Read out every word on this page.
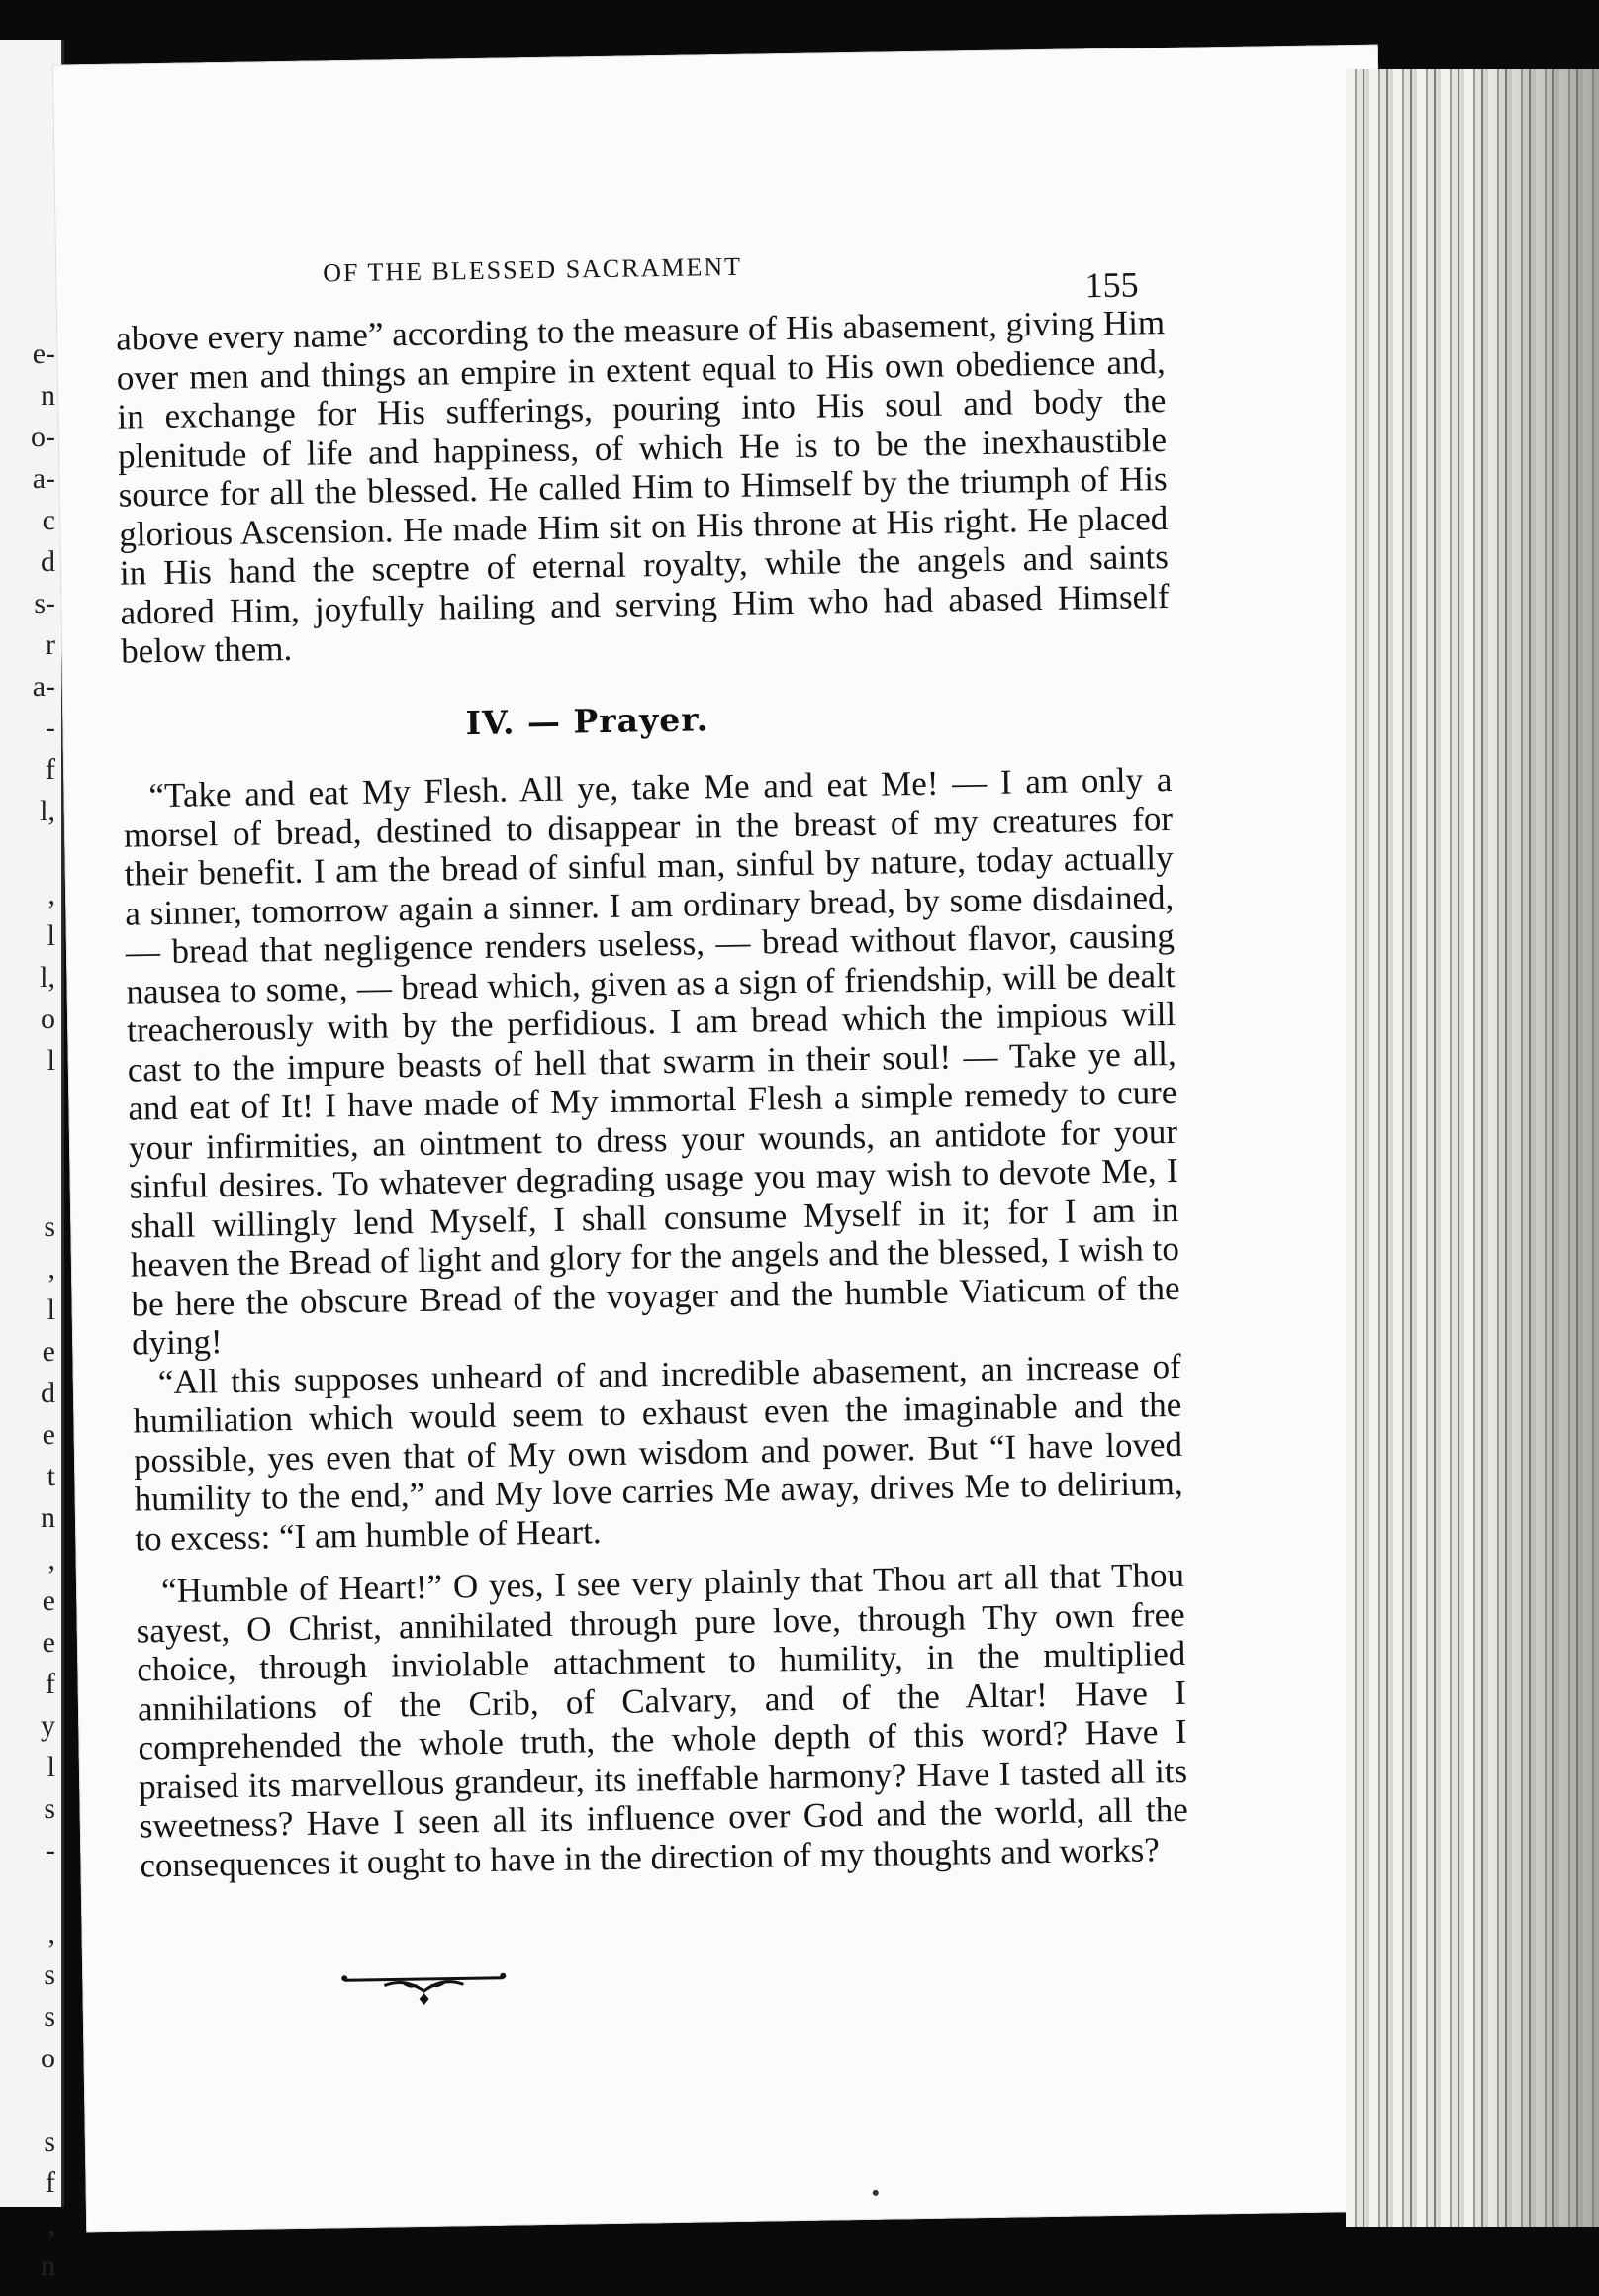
e-
n
o-
a-
c
d
s-
r
a-
-
f
l,
,
l
l,
o
l
s
,
l
e
d
e
t
n
,
e
e
f
y
l
s
-
,
s
s
o
s
f
,
n
OF THE BLESSED SACRAMENT	155

above every name” according to the measure of His abasement, giving Him over men and things an empire in extent equal to His own obedience and, in exchange for His sufferings, pouring into His soul and body the plenitude of life and happiness, of which He is to be the inexhaustible source for all the blessed. He called Him to Himself by the triumph of His glorious Ascension. He made Him sit on His throne at His right. He placed in His hand the sceptre of eternal royalty, while the angels and saints adored Him, joyfully hailing and serving Him who had abased Himself below them.

IV. — Prayer.

“Take and eat My Flesh. All ye, take Me and eat Me! — I am only a morsel of bread, destined to disappear in the breast of my creatures for their benefit. I am the bread of sinful man, sinful by nature, today actually a sinner, tomorrow again a sinner. I am ordinary bread, by some disdained, — bread that negligence renders useless, — bread without flavor, causing nausea to some, — bread which, given as a sign of friendship, will be dealt treacherously with by the perfidious. I am bread which the impious will cast to the impure beasts of hell that swarm in their soul! — Take ye all, and eat of It! I have made of My immortal Flesh a simple remedy to cure your infirmities, an ointment to dress your wounds, an antidote for your sinful desires. To whatever degrading usage you may wish to devote Me, I shall willingly lend Myself, I shall consume Myself in it; for I am in heaven the Bread of light and glory for the angels and the blessed, I wish to be here the obscure Bread of the voyager and the humble Viaticum of the dying!

“All this supposes unheard of and incredible abasement, an increase of humiliation which would seem to exhaust even the imaginable and the possible, yes even that of My own wisdom and power. But “I have loved humility to the end,” and My love carries Me away, drives Me to delirium, to excess: “I am humble of Heart.

“Humble of Heart!” O yes, I see very plainly that Thou art all that Thou sayest, O Christ, annihilated through pure love, through Thy own free choice, through inviolable attachment to humility, in the multiplied annihilations of the Crib, of Calvary, and of the Altar! Have I comprehended the whole truth, the whole depth of this word? Have I praised its marvellous grandeur, its ineffable harmony? Have I tasted all its sweetness? Have I seen all its influence over God and the world, all the consequences it ought to have in the direction of my thoughts and works?
